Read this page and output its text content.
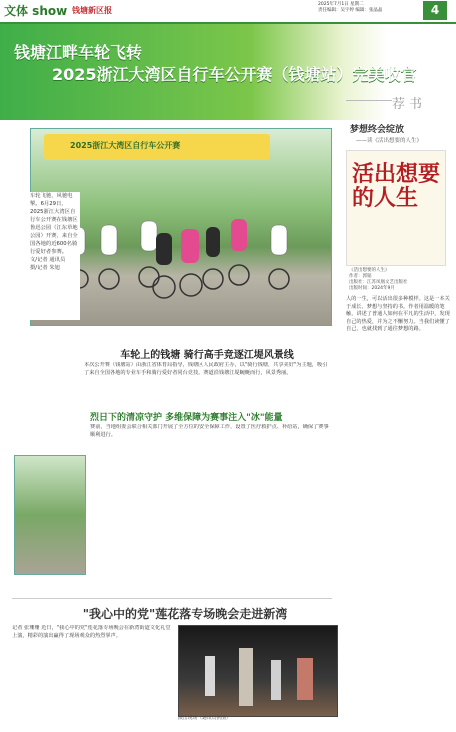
文体 show 钱塘新区报
2025年7月1日 星期二
责任编辑：吴宇婷 编辑：张晶晶	4
钱塘江畔车轮飞转
2025浙江大湾区自行车公开赛（钱塘站）完美收官
荐书
梦想终会绽放
——读《活出想要的人生》
活出想要的人生
《活出想要的人生》
作者：郭韬
出版社：江苏凤凰文艺出版社
出版时间：2024年9月
人的一生，可以活出很多种模样。这是一本关于成长、梦想与坚持的书。作者用温暖的笔触，讲述了普通人如何在平凡的生活中，发现自己的热爱，并为之不懈努力。当我们读懂了自己，也就找到了通往梦想的路。
2025浙江大湾区自行车公开赛
车轮飞驰，风驰电掣。6月29日，2025浙江大湾区自行车公开赛在钱塘区鲁迅公园（江东草地公园）开赛，来自全国各地的近600名骑行爱好者参赛。
文/记者 通讯员
摄/记者 朱旭
车轮上的钱塘 骑行高手竞逐江堤风景线
本次公开赛（钱塘站）由浙江省体育局指导，钱塘区人民政府主办，以"骑行钱塘，共享美好"为主题，吸引了来自全国各地的专业车手和骑行爱好者同台竞技。赛道沿钱塘江堤蜿蜒而行，风景秀丽。
烈日下的清凉守护 多维保障为赛事注入"冰"能量
赛前，当地组委会联合相关部门开展了全方位的安全保障工作，设置了医疗救护点、补给站，确保了赛事顺利进行。
"我心中的党"莲花落专场晚会走进新湾
记者 张珊珊 近日，"我心中的党"莲花落专场晚会在新湾街道文化礼堂上演，精彩的演出赢得了现场观众的热烈掌声。
演出现场（通讯员供图）
